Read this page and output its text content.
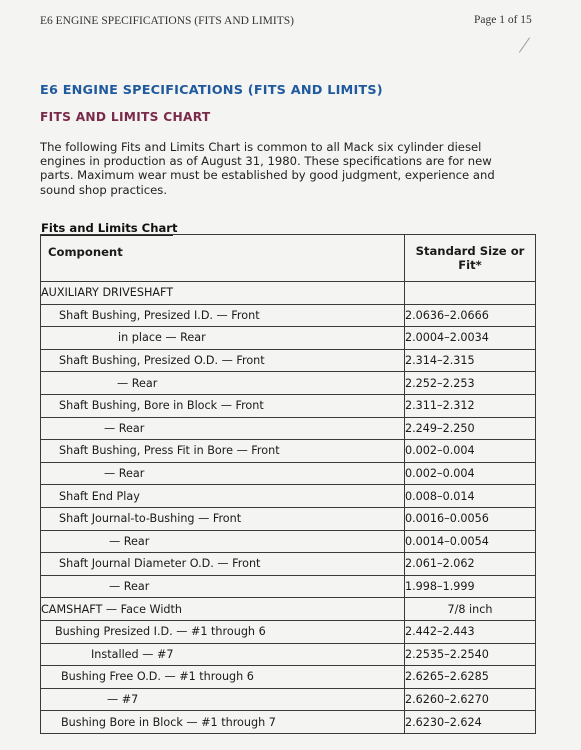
E6 ENGINE SPECIFICATIONS (FITS AND LIMITS)	Page 1 of 15
E6 ENGINE SPECIFICATIONS (FITS AND LIMITS)
FITS AND LIMITS CHART
The following Fits and Limits Chart is common to all Mack six cylinder diesel engines in production as of August 31, 1980. These specifications are for new parts. Maximum wear must be established by good judgment, experience and sound shop practices.
Fits and Limits Chart
Component	Standard Size or Fit*
AUXILIARY DRIVESHAFT	
Shaft Bushing, Presized I.D. — Front	2.0636–2.0666
in place — Rear	2.0004–2.0034
Shaft Bushing, Presized O.D. — Front	2.314–2.315
— Rear	2.252–2.253
Shaft Bushing, Bore in Block — Front	2.311–2.312
— Rear	2.249–2.250
Shaft Bushing, Press Fit in Bore — Front	0.002–0.004
— Rear	0.002–0.004
Shaft End Play	0.008–0.014
Shaft Journal-to-Bushing — Front	0.0016–0.0056
— Rear	0.0014–0.0054
Shaft Journal Diameter O.D. — Front	2.061–2.062
— Rear	1.998–1.999
CAMSHAFT — Face Width	7/8 inch
Bushing Presized I.D. — #1 through 6	2.442–2.443
Installed — #7	2.2535–2.2540
Bushing Free O.D. — #1 through 6	2.6265–2.6285
— #7	2.6260–2.6270
Bushing Bore in Block — #1 through 7	2.6230–2.624
